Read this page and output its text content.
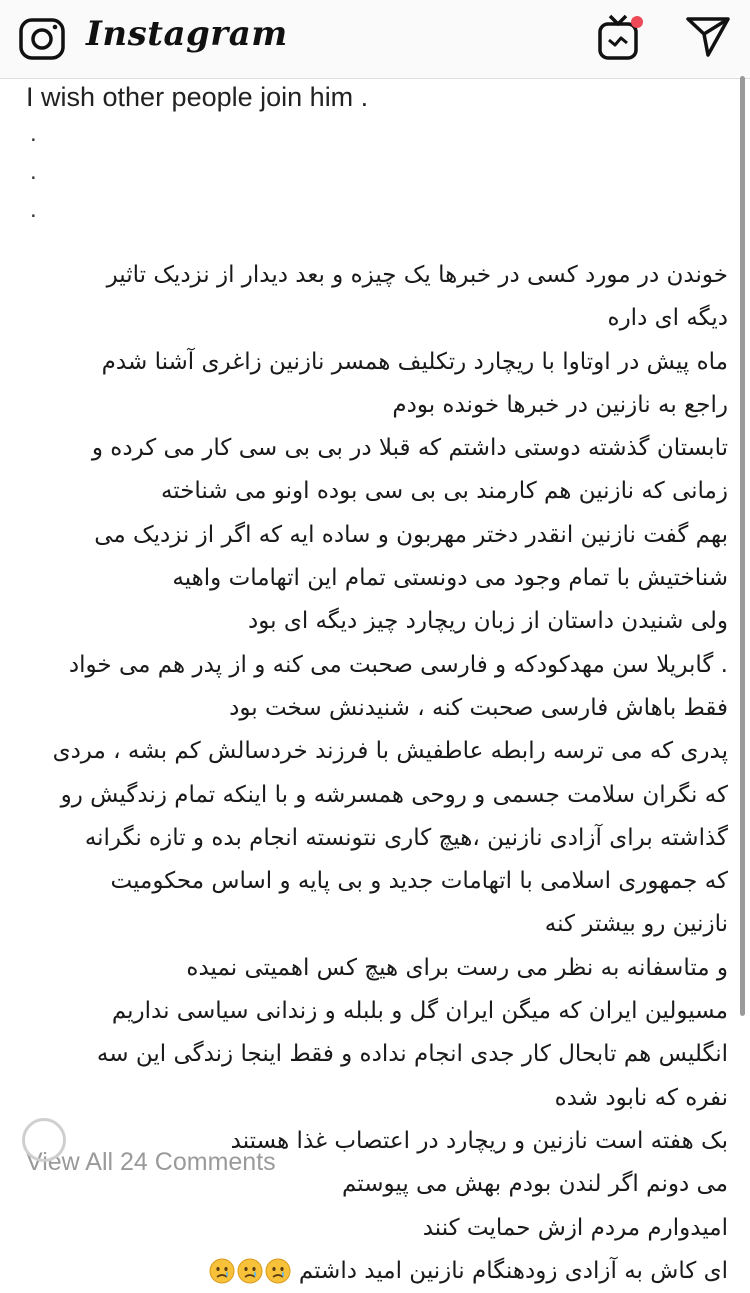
Instagram
I wish other people join him .
.
.
.
خوندن در مورد کسی در خبرها یک چیزه و بعد دیدار از نزدیک تاثیر
دیگه ای داره
ماه پیش در اوتاوا با ریچارد رتکلیف همسر نازنین زاغری آشنا شدم
راجع به نازنین در خبرها خونده بودم
تابستان گذشته دوستی داشتم که قبلا در بی بی سی کار می کرده و
زمانی که نازنین هم کارمند بی بی سی بوده اونو می شناخته
بهم گفت نازنین انقدر دختر مهربون و ساده ایه که اگر از نزدیک می
شناختیش با تمام وجود می دونستی تمام این اتهامات واهیه
ولی شنیدن داستان از زبان ریچارد چیز دیگه ای بود
. گابریلا سن مهدکودکه و فارسی صحبت می کنه و از پدر هم می خواد
فقط باهاش فارسی صحبت کنه ، شنیدنش سخت بود
پدری که می ترسه رابطه عاطفیش با فرزند خردسالش کم بشه ، مردی
که نگران سلامت جسمی و روحی همسرشه و با اینکه تمام زندگیش رو
گذاشته برای آزادی نازنین ،هیچ کاری نتونسته انجام بده و تازه نگرانه
که جمهوری اسلامی با اتهامات جدید و بی پایه و اساس محکومیت
نازنین رو بیشتر کنه
و متاسفانه به نظر می رست برای هیچ کس اهمیتی نمیده
مسیولین ایران که میگن ایران گل و بلبله و زندانی سیاسی نداریم
انگلیس هم تابحال کار جدی انجام نداده و فقط اینجا زندگی این سه
نفره که نابود شده
بک هفته است نازنین و ریچارد در اعتصاب غذا هستند
می دونم اگر لندن بودم بهش می پیوستم
امیدوارم مردم ازش حمایت کنند
ای کاش به آزادی زودهنگام نازنین امید داشتم
View All 24 Comments
